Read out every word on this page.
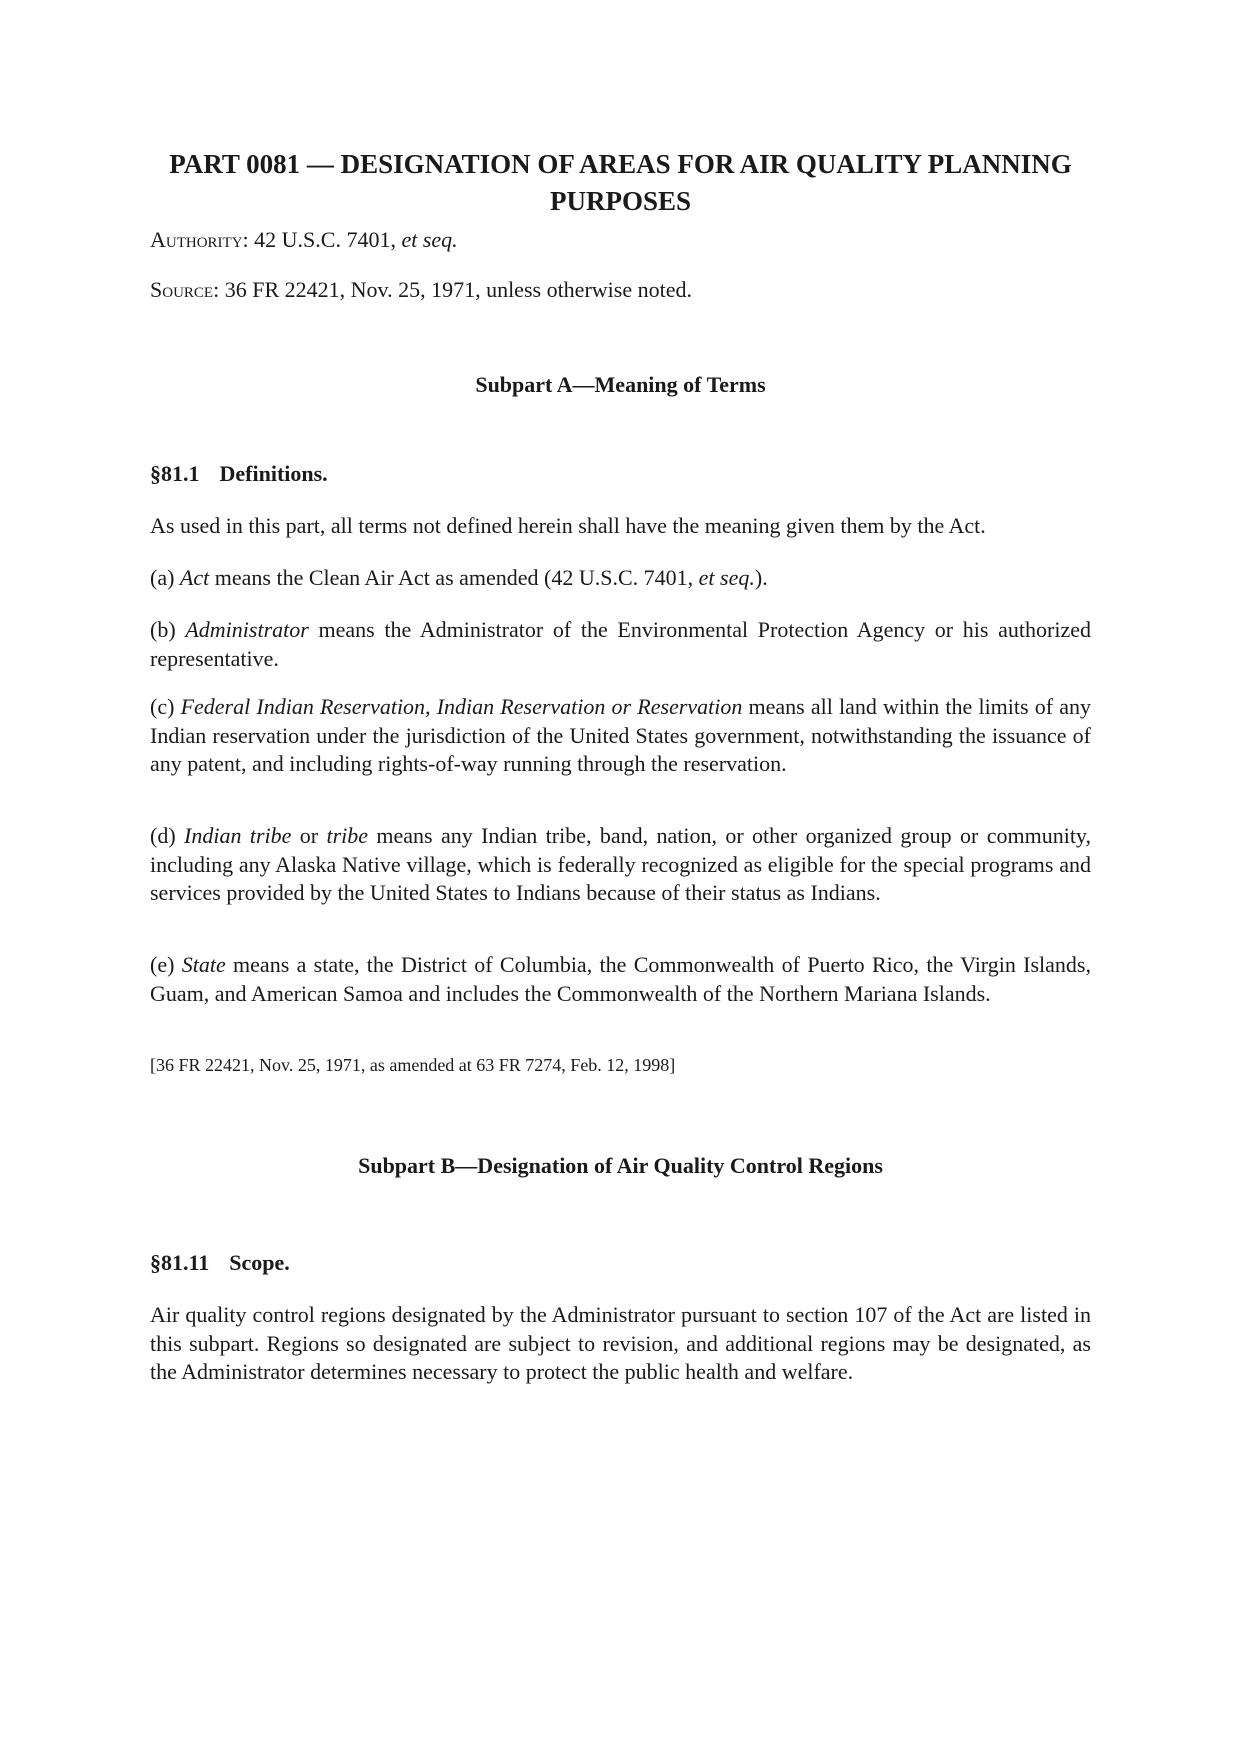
PART 0081 — DESIGNATION OF AREAS FOR AIR QUALITY PLANNING PURPOSES

Authority: 42 U.S.C. 7401, et seq.

Source: 36 FR 22421, Nov. 25, 1971, unless otherwise noted.

Subpart A—Meaning of Terms
§81.1 Definitions.

As used in this part, all terms not defined herein shall have the meaning given them by the Act.

(a) Act means the Clean Air Act as amended (42 U.S.C. 7401, et seq.).

(b) Administrator means the Administrator of the Environmental Protection Agency or his authorized representative.

(c) Federal Indian Reservation, Indian Reservation or Reservation means all land within the limits of any Indian reservation under the jurisdiction of the United States government, notwithstanding the issuance of any patent, and including rights-of-way running through the reservation.

(d) Indian tribe or tribe means any Indian tribe, band, nation, or other organized group or community, including any Alaska Native village, which is federally recognized as eligible for the special programs and services provided by the United States to Indians because of their status as Indians.

(e) State means a state, the District of Columbia, the Commonwealth of Puerto Rico, the Virgin Islands, Guam, and American Samoa and includes the Commonwealth of the Northern Mariana Islands.

[36 FR 22421, Nov. 25, 1971, as amended at 63 FR 7274, Feb. 12, 1998]

Subpart B—Designation of Air Quality Control Regions
§81.11 Scope.

Air quality control regions designated by the Administrator pursuant to section 107 of the Act are listed in this subpart. Regions so designated are subject to revision, and additional regions may be designated, as the Administrator determines necessary to protect the public health and welfare.
